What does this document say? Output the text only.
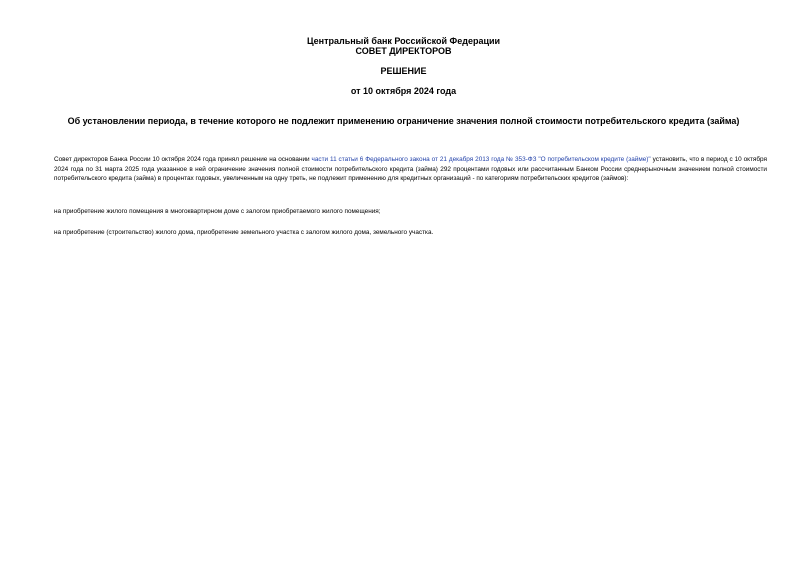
Центральный банк Российской Федерации
СОВЕТ ДИРЕКТОРОВ
РЕШЕНИЕ
от 10 октября 2024 года
Об установлении периода, в течение которого не подлежит применению ограничение значения полной стоимости потребительского кредита (займа)
Совет директоров Банка России 10 октября 2024 года принял решение на основании части 11 статьи 6 Федерального закона от 21 декабря 2013 года № 353-ФЗ "О потребительском кредите (займе)" установить, что в период с 10 октября 2024 года по 31 марта 2025 года указанное в ней ограничение значения полной стоимости потребительского кредита (займа) 292 процентами годовых или рассчитанным Банком России среднерыночным значением полной стоимости потребительского кредита (займа) в процентах годовых, увеличенным на одну треть, не подлежит применению для кредитных организаций - по категориям потребительских кредитов (займов):
на приобретение жилого помещения в многоквартирном доме с залогом приобретаемого жилого помещения;
на приобретение (строительство) жилого дома, приобретение земельного участка с залогом жилого дома, земельного участка.
